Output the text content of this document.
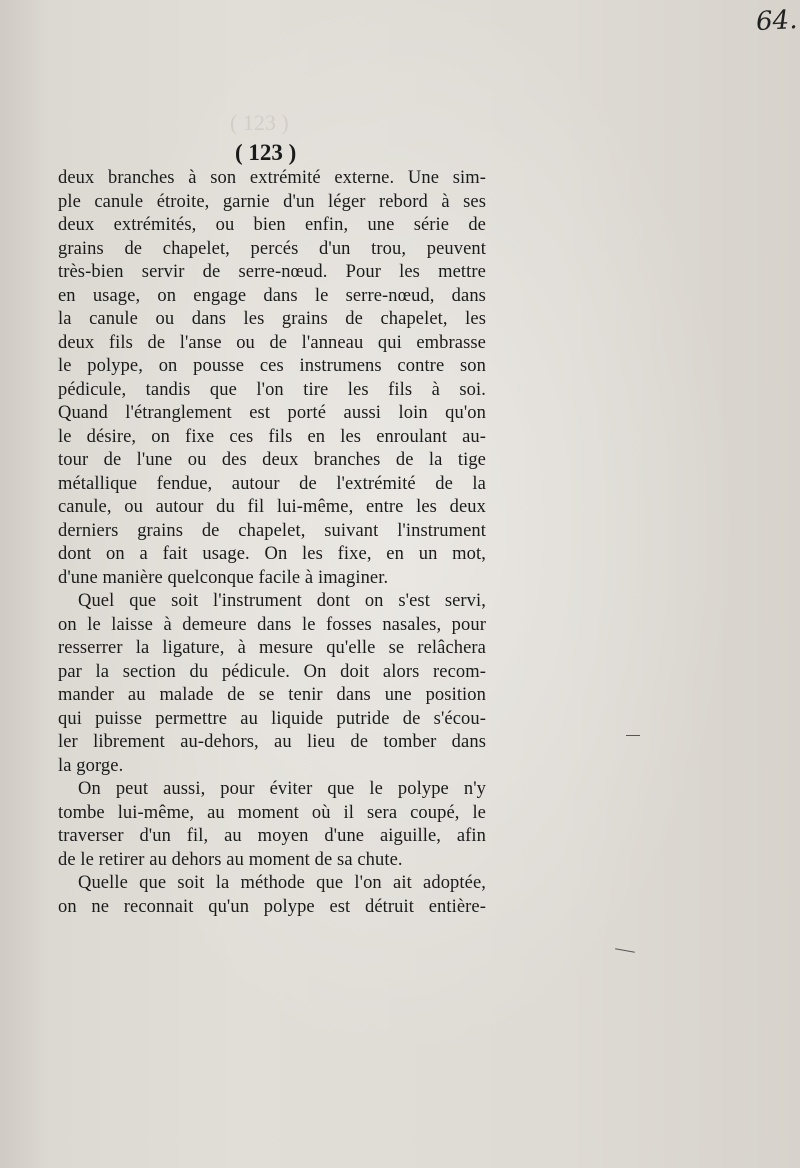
64.
( 123 )
( 123 )
deux branches à son extrémité externe. Une sim-
ple canule étroite, garnie d'un léger rebord à ses
deux extrémités, ou bien enfin, une série de
grains de chapelet, percés d'un trou, peuvent
très-bien servir de serre-nœud. Pour les mettre
en usage, on engage dans le serre-nœud, dans
la canule ou dans les grains de chapelet, les
deux fils de l'anse ou de l'anneau qui embrasse
le polype, on pousse ces instrumens contre son
pédicule, tandis que l'on tire les fils à soi.
Quand l'étranglement est porté aussi loin qu'on
le désire, on fixe ces fils en les enroulant au-
tour de l'une ou des deux branches de la tige
métallique fendue, autour de l'extrémité de la
canule, ou autour du fil lui-même, entre les deux
derniers grains de chapelet, suivant l'instrument
dont on a fait usage. On les fixe, en un mot,
d'une manière quelconque facile à imaginer.
Quel que soit l'instrument dont on s'est servi,
on le laisse à demeure dans le fosses nasales, pour
resserrer la ligature, à mesure qu'elle se relâchera
par la section du pédicule. On doit alors recom-
mander au malade de se tenir dans une position
qui puisse permettre au liquide putride de s'écou-
ler librement au-dehors, au lieu de tomber dans
la gorge.
On peut aussi, pour éviter que le polype n'y
tombe lui-même, au moment où il sera coupé, le
traverser d'un fil, au moyen d'une aiguille, afin
de le retirer au dehors au moment de sa chute.
Quelle que soit la méthode que l'on ait adoptée,
on ne reconnait qu'un polype est détruit entière-
